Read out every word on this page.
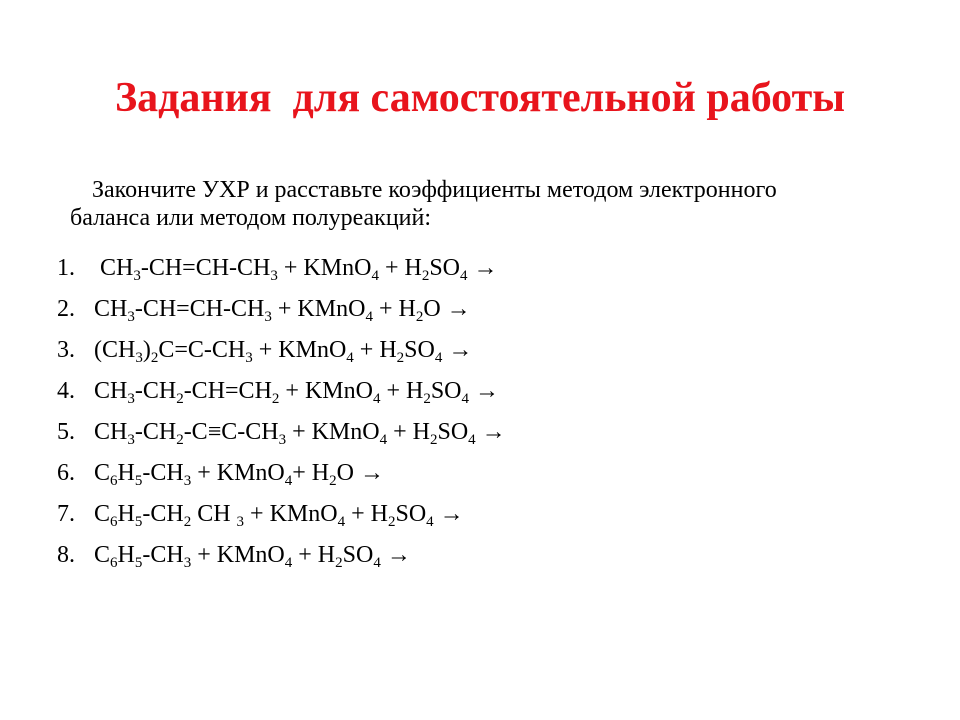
Задания  для самостоятельной работы
Закончите УХР и расставьте коэффициенты методом электронного
баланса или методом полуреакций:
1.	$CH_3-CH=CH-CH_3$ + KMnO$_4$ + $H_2SO_4$ →
2. $CH_3-CH=CH-CH_3$ + KMnO$_4$ + $H_2O$ →
3. $(CH_3)_2C=C-CH_3$ + KMnO$_4$ + $H_2SO_4$ →
4. $CH_3-CH_2-CH=CH_2$ + KMnO$_4$ + $H_2SO_4$ →
5. $CH_3-CH_2-C\equiv C-CH_3$ + KMnO$_4$ + $H_2SO_4$ →
6. $C_6H_5-CH_3$ + KMnO$_4$+ $H_2O$ →
7. $C_6H_5-CH_2$ CH $_3$ + KMnO$_4$ + $H_2SO_4$ →
8. $C_6H_5-CH_3$ + KMnO$_4$ + $H_2SO_4$ →
